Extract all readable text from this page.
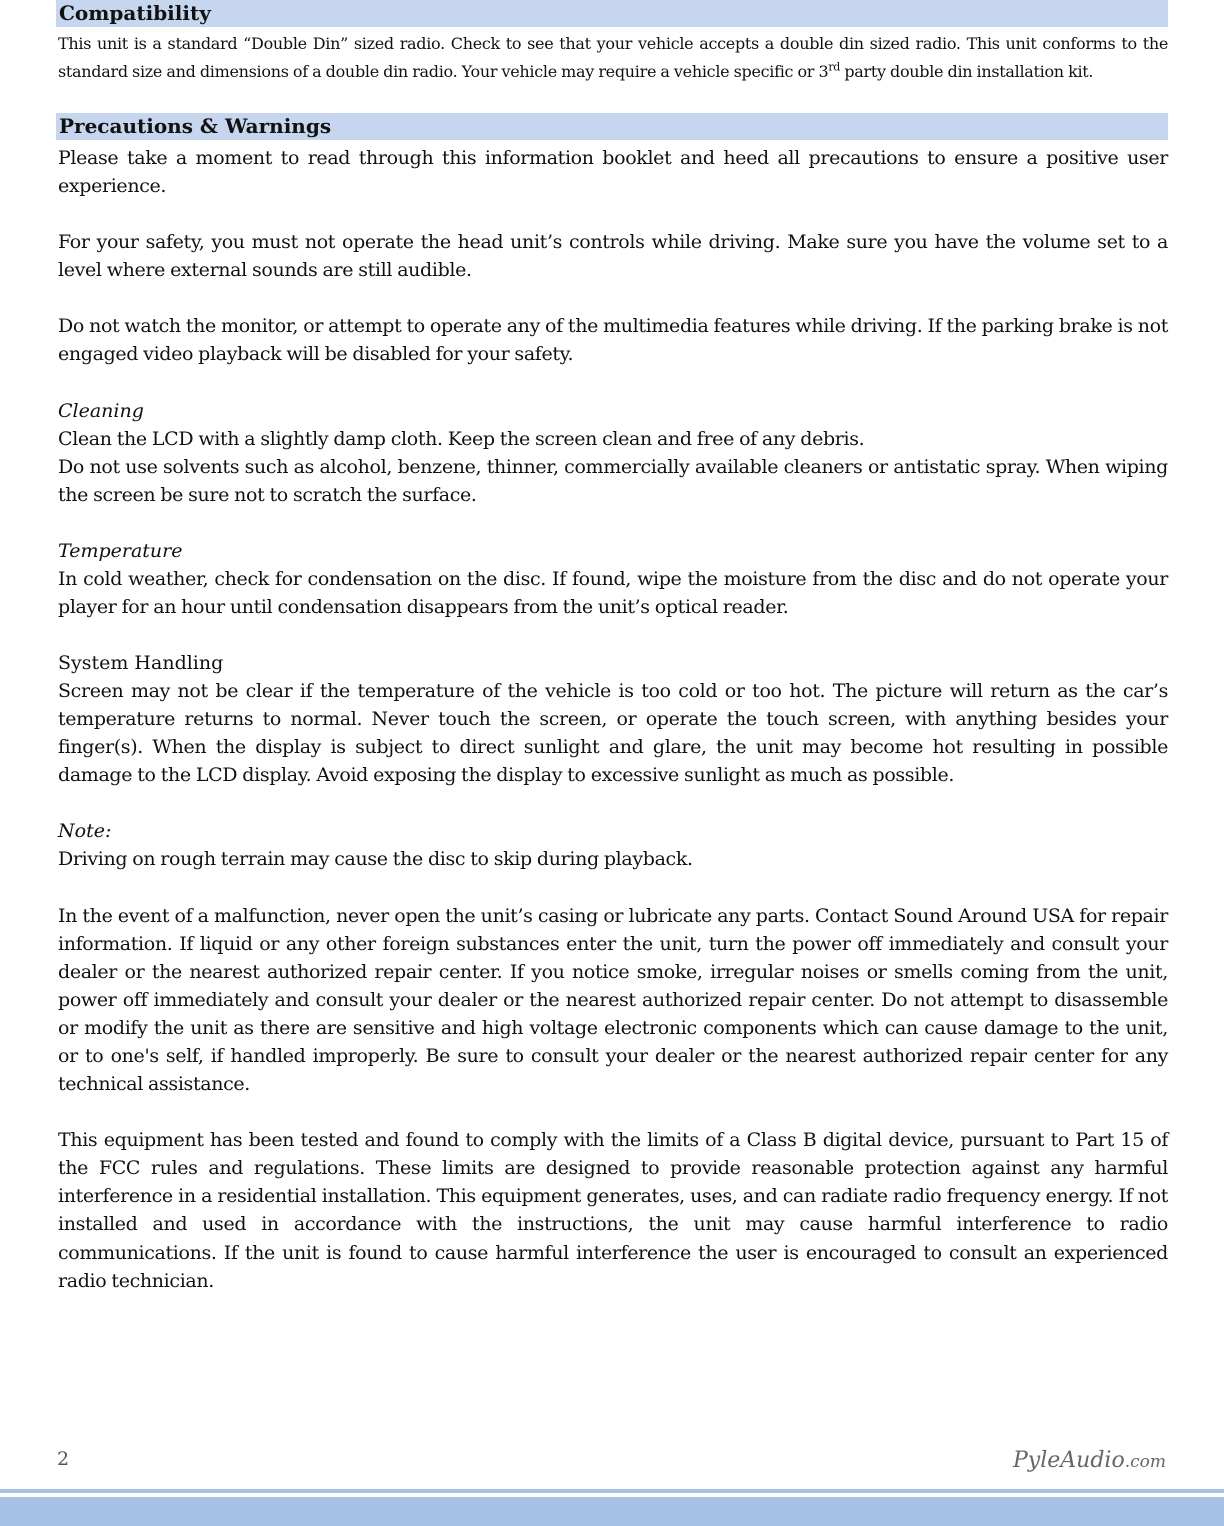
Compatibility

This unit is a standard “Double Din” sized radio. Check to see that your vehicle accepts a double din sized radio. This unit conforms to the standard size and dimensions of a double din radio. Your vehicle may require a vehicle specific or 3rd party double din installation kit.

Precautions & Warnings

Please take a moment to read through this information booklet and heed all precautions to ensure a positive user experience.

For your safety, you must not operate the head unit’s controls while driving. Make sure you have the volume set to a level where external sounds are still audible.

Do not watch the monitor, or attempt to operate any of the multimedia features while driving. If the parking brake is not engaged video playback will be disabled for your safety.

Cleaning

Clean the LCD with a slightly damp cloth. Keep the screen clean and free of any debris.

Do not use solvents such as alcohol, benzene, thinner, commercially available cleaners or antistatic spray. When wiping the screen be sure not to scratch the surface.

Temperature

In cold weather, check for condensation on the disc. If found, wipe the moisture from the disc and do not operate your player for an hour until condensation disappears from the unit’s optical reader.

System Handling

Screen may not be clear if the temperature of the vehicle is too cold or too hot. The picture will return as the car’s temperature returns to normal. Never touch the screen, or operate the touch screen, with anything besides your finger(s). When the display is subject to direct sunlight and glare, the unit may become hot resulting in possible damage to the LCD display. Avoid exposing the display to excessive sunlight as much as possible.

Note:

Driving on rough terrain may cause the disc to skip during playback.

In the event of a malfunction, never open the unit’s casing or lubricate any parts. Contact Sound Around USA for repair information. If liquid or any other foreign substances enter the unit, turn the power off immediately and consult your dealer or the nearest authorized repair center. If you notice smoke, irregular noises or smells coming from the unit, power off immediately and consult your dealer or the nearest authorized repair center. Do not attempt to disassemble or modify the unit as there are sensitive and high voltage electronic components which can cause damage to the unit, or to one's self, if handled improperly. Be sure to consult your dealer or the nearest authorized repair center for any technical assistance.

This equipment has been tested and found to comply with the limits of a Class B digital device, pursuant to Part 15 of the FCC rules and regulations. These limits are designed to provide reasonable protection against any harmful interference in a residential installation. This equipment generates, uses, and can radiate radio frequency energy. If not installed and used in accordance with the instructions, the unit may cause harmful interference to radio communications. If the unit is found to cause harmful interference the user is encouraged to consult an experienced radio technician.

2	PyleAudio.com
